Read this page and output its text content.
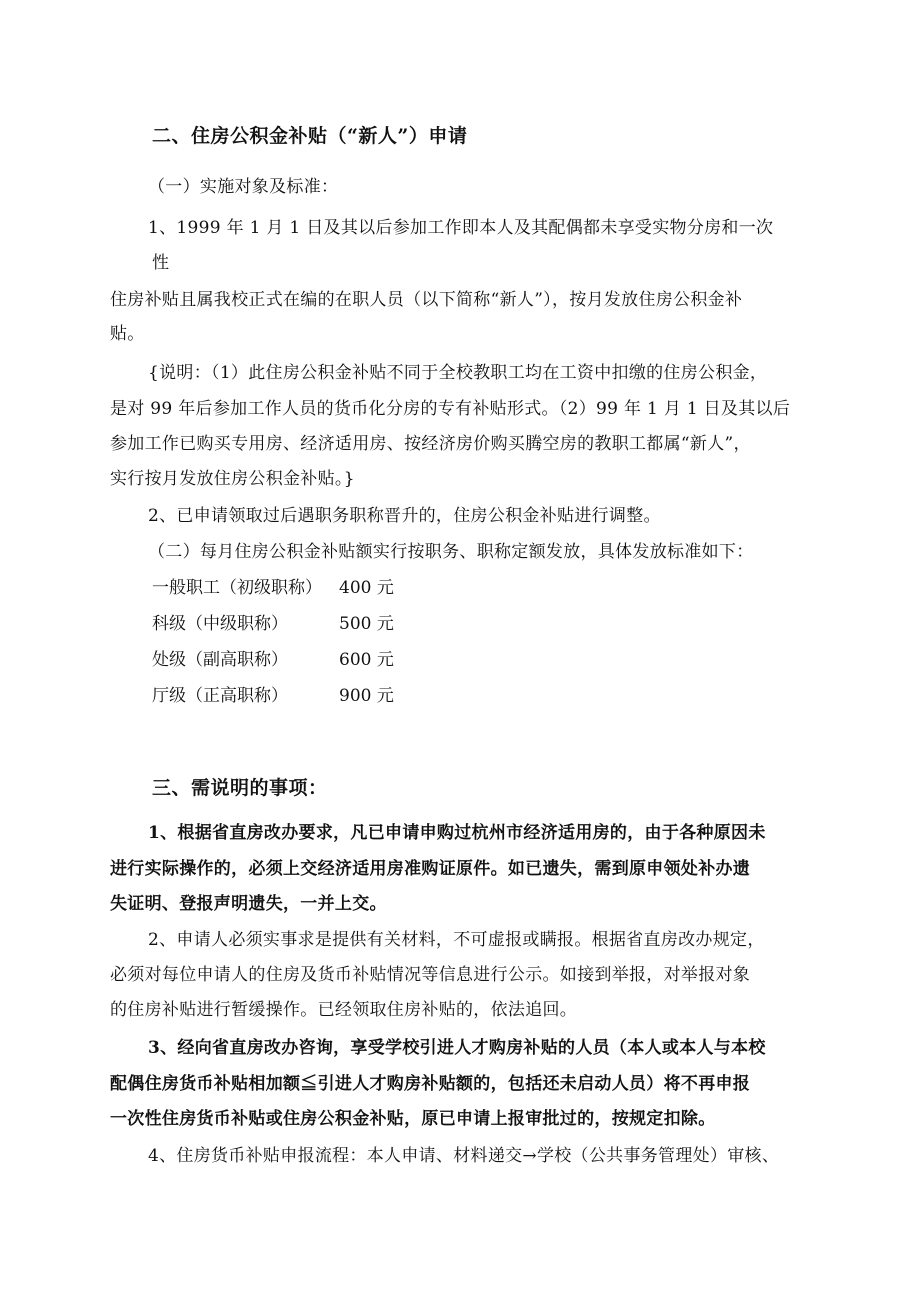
二、住房公积金补贴（“新人”）申请
（一）实施对象及标准：
1、1999 年 1 月 1 日及其以后参加工作即本人及其配偶都未享受实物分房和一次
性
住房补贴且属我校正式在编的在职人员（以下简称“新人”），按月发放住房公积金补
贴。
{说明：（1）此住房公积金补贴不同于全校教职工均在工资中扣缴的住房公积金，
是对 99 年后参加工作人员的货币化分房的专有补贴形式。（2）99 年 1 月 1 日及其以后
参加工作已购买专用房、经济适用房、按经济房价购买腾空房的教职工都属“新人”，
实行按月发放住房公积金补贴。}
2、已申请领取过后遇职务职称晋升的，住房公积金补贴进行调整。
（二）每月住房公积金补贴额实行按职务、职称定额发放，具体发放标准如下：
一般职工（初级职称） 400 元
科级（中级职称）	500 元
处级（副高职称）	600 元
厅级（正高职称）	900 元
三、需说明的事项：
1、根据省直房改办要求，凡已申请申购过杭州市经济适用房的，由于各种原因未
进行实际操作的，必须上交经济适用房准购证原件。如已遗失，需到原申领处补办遗
失证明、登报声明遗失，一并上交。
2、申请人必须实事求是提供有关材料，不可虚报或瞒报。根据省直房改办规定，
必须对每位申请人的住房及货币补贴情况等信息进行公示。如接到举报，对举报对象
的住房补贴进行暂缓操作。已经领取住房补贴的，依法追回。
3、经向省直房改办咨询，享受学校引进人才购房补贴的人员（本人或本人与本校
配偶住房货币补贴相加额≦引进人才购房补贴额的，包括还未启动人员）将不再申报
一次性住房货币补贴或住房公积金补贴，原已申请上报审批过的，按规定扣除。
4、住房货币补贴申报流程：本人申请、材料递交→学校（公共事务管理处）审核、
